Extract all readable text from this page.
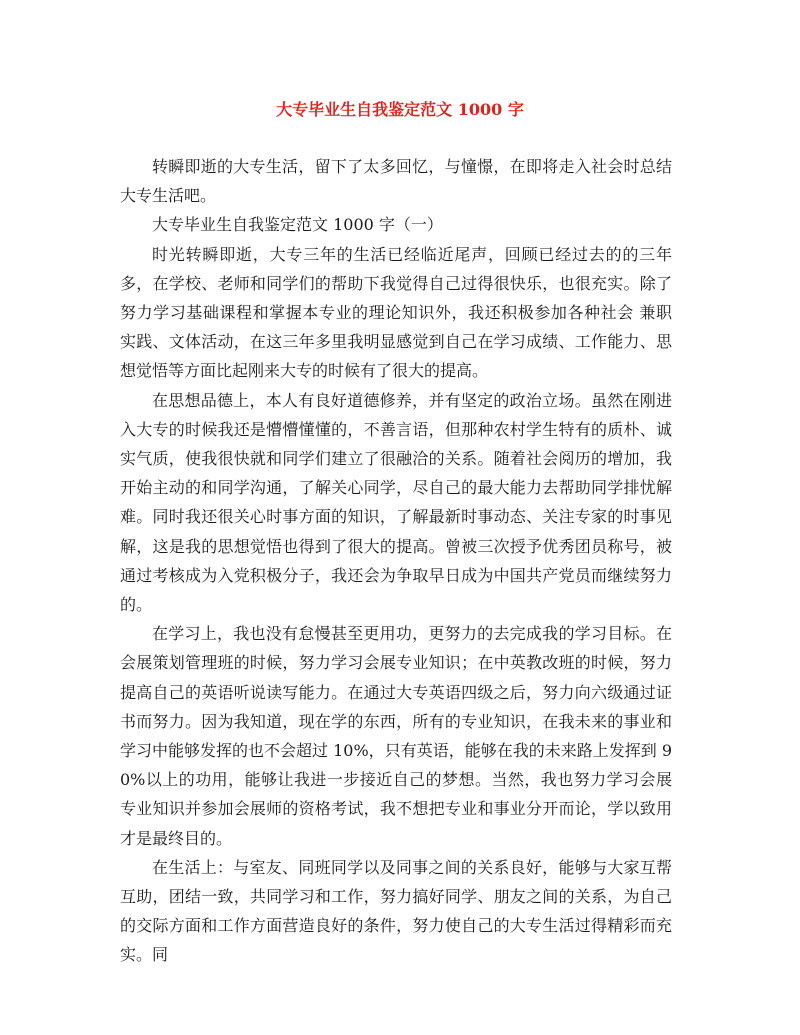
大专毕业生自我鉴定范文 1000 字

转瞬即逝的大专生活，留下了太多回忆，与憧憬，在即将走入社会时总结大专生活吧。

大专毕业生自我鉴定范文 1000 字（一）

时光转瞬即逝，大专三年的生活已经临近尾声，回顾已经过去的的三年多，在学校、老师和同学们的帮助下我觉得自己过得很快乐，也很充实。除了努力学习基础课程和掌握本专业的理论知识外，我还积极参加各种社会 兼职 实践、文体活动，在这三年多里我明显感觉到自己在学习成绩、工作能力、思想觉悟等方面比起刚来大专的时候有了很大的提高。

在思想品德上，本人有良好道德修养，并有坚定的政治立场。虽然在刚进入大专的时候我还是懵懵懂懂的，不善言语，但那种农村学生特有的质朴、诚实气质，使我很快就和同学们建立了很融洽的关系。随着社会阅历的增加，我开始主动的和同学沟通，了解关心同学，尽自己的最大能力去帮助同学排忧解难。同时我还很关心时事方面的知识，了解最新时事动态、关注专家的时事见解，这是我的思想觉悟也得到了很大的提高。曾被三次授予优秀团员称号，被通过考核成为入党积极分子，我还会为争取早日成为中国共产党员而继续努力的。

在学习上，我也没有怠慢甚至更用功，更努力的去完成我的学习目标。在会展策划管理班的时候，努力学习会展专业知识；在中英教改班的时候，努力提高自己的英语听说读写能力。在通过大专英语四级之后，努力向六级通过证书而努力。因为我知道，现在学的东西，所有的专业知识，在我未来的事业和学习中能够发挥的也不会超过 10%，只有英语，能够在我的未来路上发挥到 90%以上的功用，能够让我进一步接近自己的梦想。当然，我也努力学习会展专业知识并参加会展师的资格考试，我不想把专业和事业分开而论，学以致用才是最终目的。

在生活上：与室友、同班同学以及同事之间的关系良好，能够与大家互帮互助，团结一致，共同学习和工作，努力搞好同学、朋友之间的关系，为自己的交际方面和工作方面营造良好的条件，努力使自己的大专生活过得精彩而充实。同
